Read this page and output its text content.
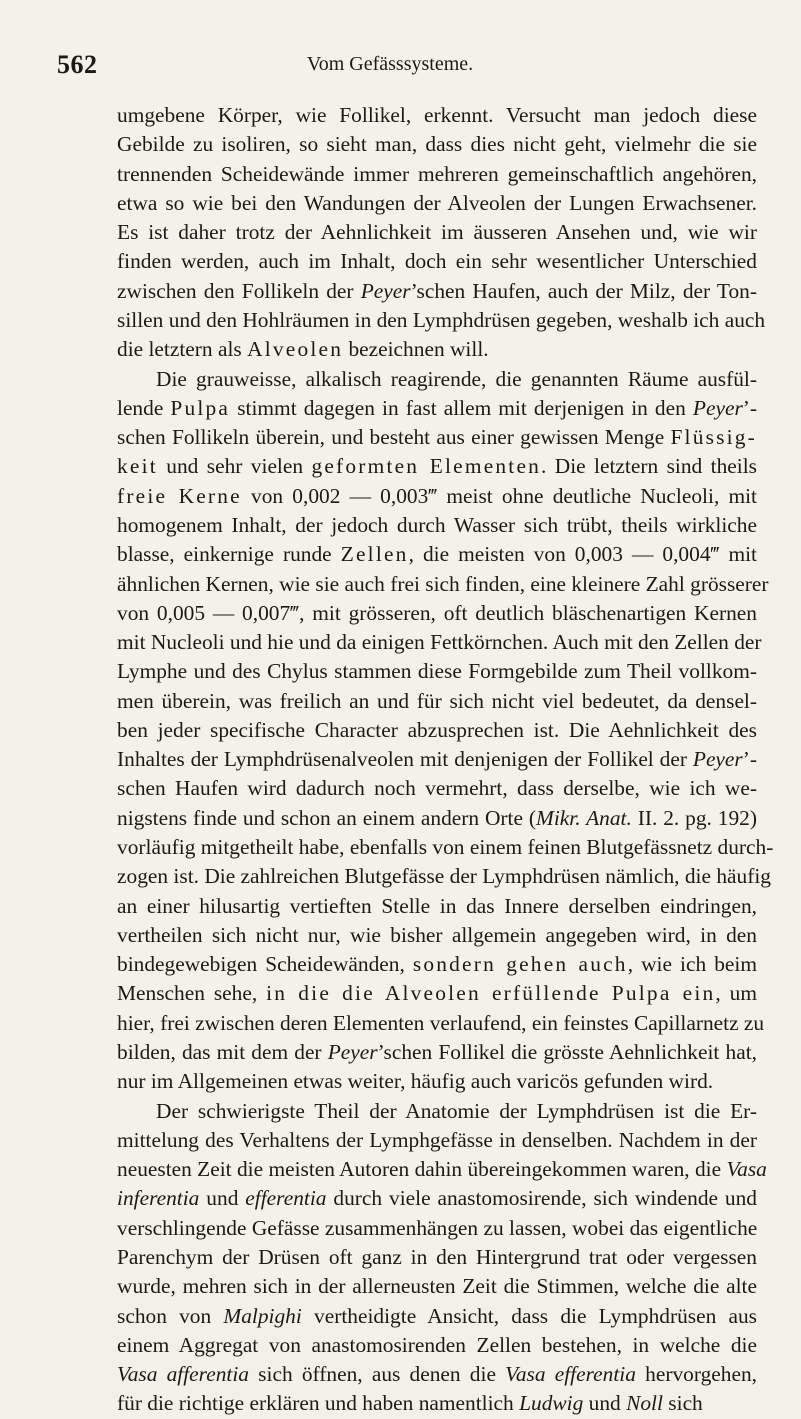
562	Vom Gefässsysteme.
umgebene Körper, wie Follikel, erkennt. Versucht man jedoch diese
Gebilde zu isoliren, so sieht man, dass dies nicht geht, vielmehr die sie
trennenden Scheidewände immer mehreren gemeinschaftlich angehören,
etwa so wie bei den Wandungen der Alveolen der Lungen Erwachsener.
Es ist daher trotz der Aehnlichkeit im äusseren Ansehen und, wie wir
finden werden, auch im Inhalt, doch ein sehr wesentlicher Unterschied
zwischen den Follikeln der Peyer’schen Haufen, auch der Milz, der Ton-
sillen und den Hohlräumen in den Lymphdrüsen gegeben, weshalb ich auch
die letztern als Alveolen bezeichnen will.
Die grauweisse, alkalisch reagirende, die genannten Räume ausfül-
lende Pulpa stimmt dagegen in fast allem mit derjenigen in den Peyer’-
schen Follikeln überein, und besteht aus einer gewissen Menge Flüssig-
keit und sehr vielen geformten Elementen. Die letztern sind theils
freie Kerne von 0,002 — 0,003‴ meist ohne deutliche Nucleoli, mit
homogenem Inhalt, der jedoch durch Wasser sich trübt, theils wirkliche
blasse, einkernige runde Zellen, die meisten von 0,003 — 0,004‴ mit
ähnlichen Kernen, wie sie auch frei sich finden, eine kleinere Zahl grösserer
von 0,005 — 0,007‴, mit grösseren, oft deutlich bläschenartigen Kernen
mit Nucleoli und hie und da einigen Fettkörnchen. Auch mit den Zellen der
Lymphe und des Chylus stammen diese Formgebilde zum Theil vollkom-
men überein, was freilich an und für sich nicht viel bedeutet, da densel-
ben jeder specifische Character abzusprechen ist. Die Aehnlichkeit des
Inhaltes der Lymphdrüsenalveolen mit denjenigen der Follikel der Peyer’-
schen Haufen wird dadurch noch vermehrt, dass derselbe, wie ich we-
nigstens finde und schon an einem andern Orte (Mikr. Anat. II. 2. pg. 192)
vorläufig mitgetheilt habe, ebenfalls von einem feinen Blutgefässnetz durch-
zogen ist. Die zahlreichen Blutgefässe der Lymphdrüsen nämlich, die häufig
an einer hilusartig vertieften Stelle in das Innere derselben eindringen,
vertheilen sich nicht nur, wie bisher allgemein angegeben wird, in den
bindegewebigen Scheidewänden, sondern gehen auch, wie ich beim
Menschen sehe, in die die Alveolen erfüllende Pulpa ein, um
hier, frei zwischen deren Elementen verlaufend, ein feinstes Capillarnetz zu
bilden, das mit dem der Peyer’schen Follikel die grösste Aehnlichkeit hat,
nur im Allgemeinen etwas weiter, häufig auch varicös gefunden wird.
Der schwierigste Theil der Anatomie der Lymphdrüsen ist die Er-
mittelung des Verhaltens der Lymphgefässe in denselben. Nachdem in der
neuesten Zeit die meisten Autoren dahin übereingekommen waren, die Vasa
inferentia und efferentia durch viele anastomosirende, sich windende und
verschlingende Gefässe zusammenhängen zu lassen, wobei das eigentliche
Parenchym der Drüsen oft ganz in den Hintergrund trat oder vergessen
wurde, mehren sich in der allerneusten Zeit die Stimmen, welche die alte
schon von Malpighi vertheidigte Ansicht, dass die Lymphdrüsen aus
einem Aggregat von anastomosirenden Zellen bestehen, in welche die
Vasa afferentia sich öffnen, aus denen die Vasa efferentia hervorgehen,
für die richtige erklären und haben namentlich Ludwig und Noll sich
